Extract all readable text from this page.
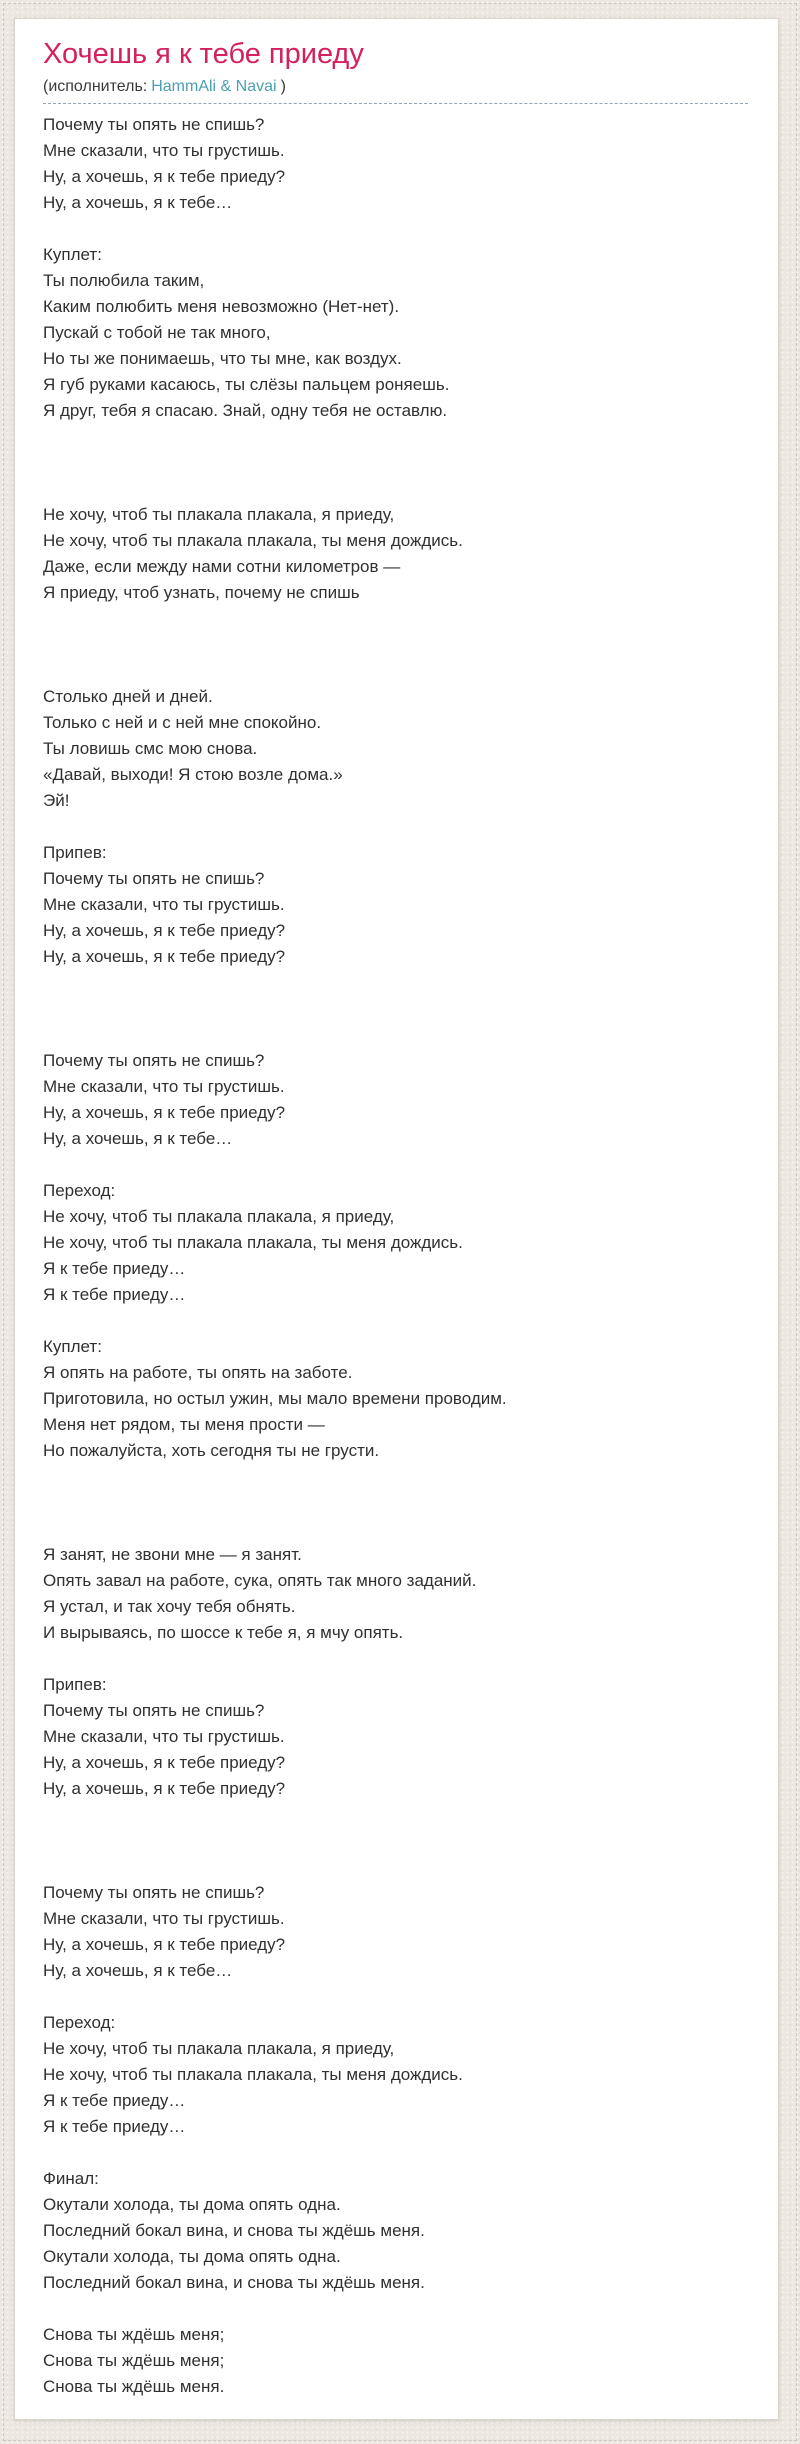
Хочешь я к тебе приеду
(исполнитель: HammAli & Navai )
Почему ты опять не спишь?
Мне сказали, что ты грустишь.
Ну, а хочешь, я к тебе приеду?
Ну, а хочешь, я к тебе…
Куплет:
Ты полюбила таким,
Каким полюбить меня невозможно (Нет-нет).
Пускай с тобой не так много,
Но ты же понимаешь, что ты мне, как воздух.
Я губ руками касаюсь, ты слёзы пальцем роняешь.
Я друг, тебя я спасаю. Знай, одну тебя не оставлю.
Не хочу, чтоб ты плакала плакала, я приеду,
Не хочу, чтоб ты плакала плакала, ты меня дождись.
Даже, если между нами сотни километров —
Я приеду, чтоб узнать, почему не спишь
Столько дней и дней.
Только с ней и с ней мне спокойно.
Ты ловишь смс мою снова.
«Давай, выходи! Я стою возле дома.»
Эй!
Припев:
Почему ты опять не спишь?
Мне сказали, что ты грустишь.
Ну, а хочешь, я к тебе приеду?
Ну, а хочешь, я к тебе приеду?
Почему ты опять не спишь?
Мне сказали, что ты грустишь.
Ну, а хочешь, я к тебе приеду?
Ну, а хочешь, я к тебе…
Переход:
Не хочу, чтоб ты плакала плакала, я приеду,
Не хочу, чтоб ты плакала плакала, ты меня дождись.
Я к тебе приеду…
Я к тебе приеду…
Куплет:
Я опять на работе, ты опять на заботе.
Приготовила, но остыл ужин, мы мало времени проводим.
Меня нет рядом, ты меня прости —
Но пожалуйста, хоть сегодня ты не грусти.
Я занят, не звони мне — я занят.
Опять завал на работе, сука, опять так много заданий.
Я устал, и так хочу тебя обнять.
И вырываясь, по шоссе к тебе я, я мчу опять.
Припев:
Почему ты опять не спишь?
Мне сказали, что ты грустишь.
Ну, а хочешь, я к тебе приеду?
Ну, а хочешь, я к тебе приеду?
Почему ты опять не спишь?
Мне сказали, что ты грустишь.
Ну, а хочешь, я к тебе приеду?
Ну, а хочешь, я к тебе…
Переход:
Не хочу, чтоб ты плакала плакала, я приеду,
Не хочу, чтоб ты плакала плакала, ты меня дождись.
Я к тебе приеду…
Я к тебе приеду…
Финал:
Окутали холода, ты дома опять одна.
Последний бокал вина, и снова ты ждёшь меня.
Окутали холода, ты дома опять одна.
Последний бокал вина, и снова ты ждёшь меня.
Снова ты ждёшь меня;
Снова ты ждёшь меня;
Снова ты ждёшь меня.
